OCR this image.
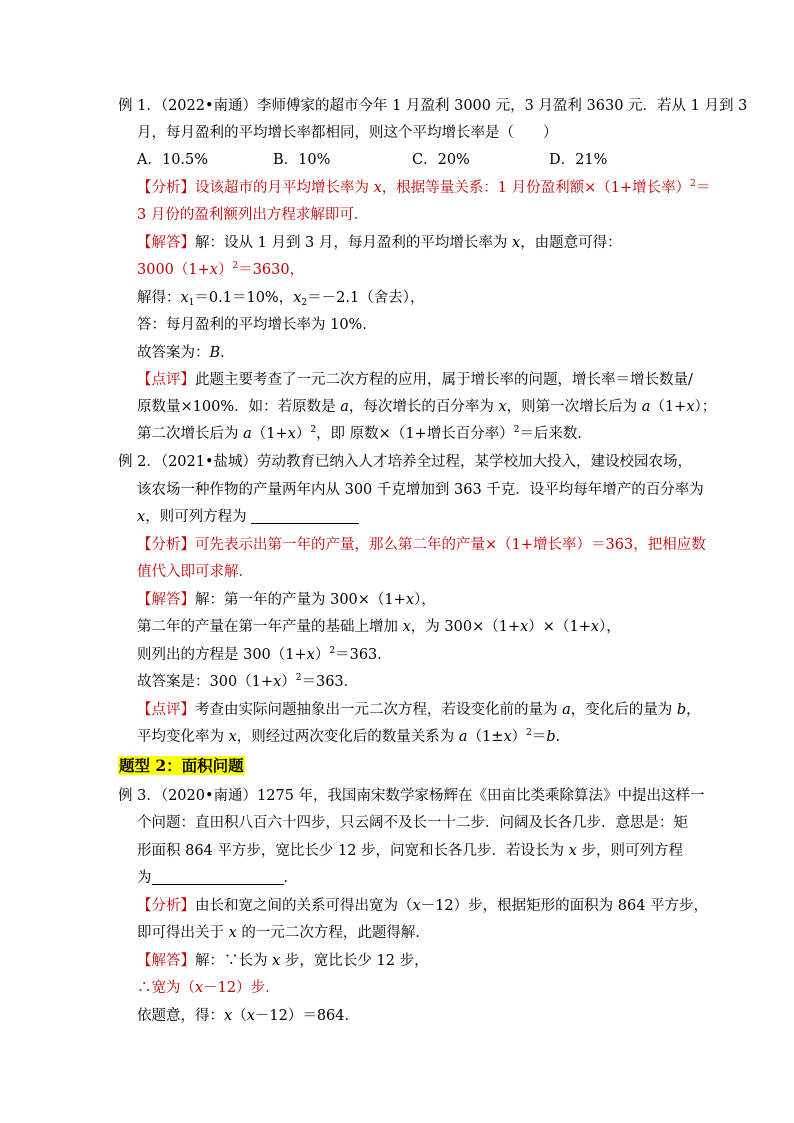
例 1．（2022•南通）李师傅家的超市今年 1 月盈利 3000 元，3 月盈利 3630 元．若从 1 月到 3
月，每月盈利的平均增长率都相同，则这个平均增长率是（　　）
A．10.5%	B．10%	C．20%	D．21%
【分析】设该超市的月平均增长率为 x，根据等量关系：1 月份盈利额×（1+增长率）$^2$＝
3 月份的盈利额列出方程求解即可．
【解答】解：设从 1 月到 3 月，每月盈利的平均增长率为 x，由题意可得：
$3000(1+x)^2=3630$，
解得：$x_1=0.1=10\%$，$x_2=-2.1$（舍去），
答：每月盈利的平均增长率为 10%．
故答案为：B．
【点评】此题主要考查了一元二次方程的应用，属于增长率的问题，增长率＝增长数量/
原数量×100%．如：若原数是 a，每次增长的百分率为 x，则第一次增长后为 a（1+x）；
第二次增长后为 $a(1+x)^2$，即 原数×（1+增长百分率）$^2$＝后来数．
例 2．（2021•盐城）劳动教育已纳入人才培养全过程，某学校加大投入，建设校园农场，
该农场一种作物的产量两年内从 300 千克增加到 363 千克．设平均每年增产的百分率为
x，则可列方程为
【分析】可先表示出第一年的产量，那么第二年的产量×（1+增长率）＝363，把相应数
值代入即可求解．
【解答】解：第一年的产量为 300×（1+x），
第二年的产量在第一年产量的基础上增加 x，为 300×（1+x）×（1+x），
则列出的方程是 $300(1+x)^2=363$．
故答案是：$300(1+x)^2=363$．
【点评】考查由实际问题抽象出一元二次方程，若设变化前的量为 a，变化后的量为 b，
平均变化率为 x，则经过两次变化后的数量关系为 $a(1\pm x)^2=b$．
题型 2：面积问题
例 3．（2020•南通）1275 年，我国南宋数学家杨辉在《田亩比类乘除算法》中提出这样一
个问题：直田积八百六十四步，只云阔不及长一十二步．问阔及长各几步．意思是：矩
形面积 864 平方步，宽比长少 12 步，问宽和长各几步．若设长为 x 步，则可列方程
为	．
【分析】由长和宽之间的关系可得出宽为（x－12）步，根据矩形的面积为 864 平方步，
即可得出关于 x 的一元二次方程，此题得解．
【解答】解：∵长为 x 步，宽比长少 12 步，
∴宽为（x－12）步．
依题意，得：x（x－12）＝864．
